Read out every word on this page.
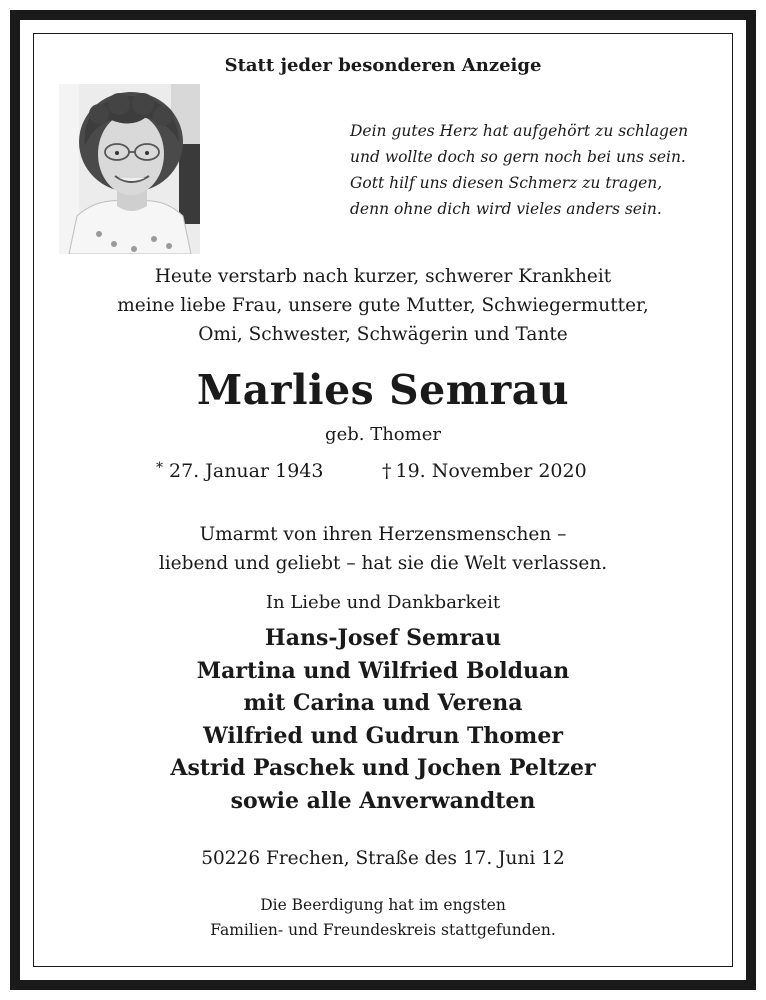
Statt jeder besonderen Anzeige
Dein gutes Herz hat aufgehört zu schlagen
und wollte doch so gern noch bei uns sein.
Gott hilf uns diesen Schmerz zu tragen,
denn ohne dich wird vieles anders sein.
Heute verstarb nach kurzer, schwerer Krankheit
meine liebe Frau, unsere gute Mutter, Schwiegermutter,
Omi, Schwester, Schwägerin und Tante
Marlies Semrau
geb. Thomer
* 27. Januar 1943	† 19. November 2020
Umarmt von ihren Herzensmenschen –
liebend und geliebt – hat sie die Welt verlassen.
In Liebe und Dankbarkeit
Hans-Josef Semrau
Martina und Wilfried Bolduan
mit Carina und Verena
Wilfried und Gudrun Thomer
Astrid Paschek und Jochen Peltzer
sowie alle Anverwandten
50226 Frechen, Straße des 17. Juni 12
Die Beerdigung hat im engsten
Familien- und Freundeskreis stattgefunden.
